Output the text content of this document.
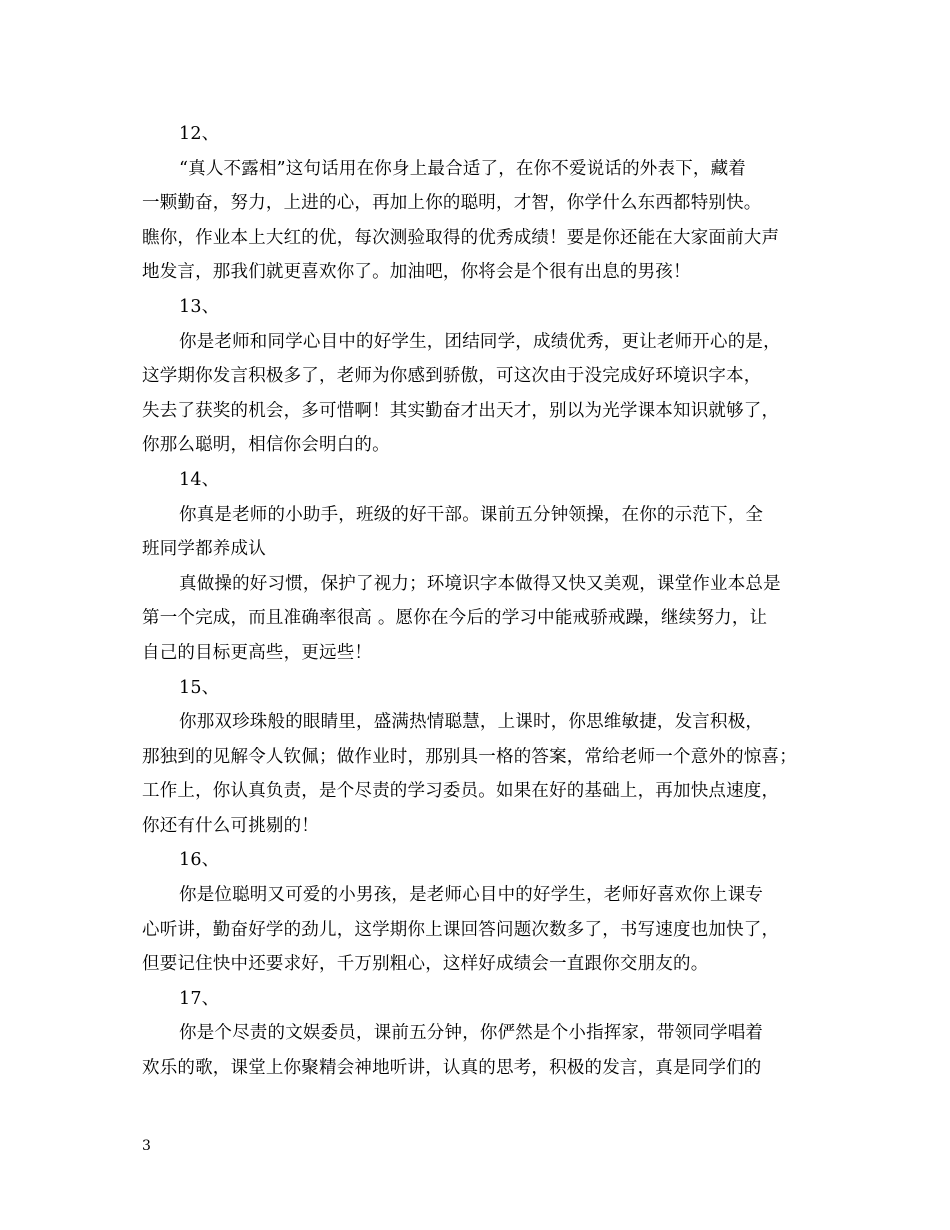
12、
“真人不露相”这句话用在你身上最合适了，在你不爱说话的外表下，藏着
一颗勤奋，努力，上进的心，再加上你的聪明，才智，你学什么东西都特别快。
瞧你，作业本上大红的优，每次测验取得的优秀成绩！要是你还能在大家面前大声
地发言，那我们就更喜欢你了。加油吧，你将会是个很有出息的男孩！
13、
你是老师和同学心目中的好学生，团结同学，成绩优秀，更让老师开心的是，
这学期你发言积极多了，老师为你感到骄傲，可这次由于没完成好环境识字本，
失去了获奖的机会，多可惜啊！其实勤奋才出天才，别以为光学课本知识就够了，
你那么聪明，相信你会明白的。
14、
你真是老师的小助手，班级的好干部。课前五分钟领操，在你的示范下，全
班同学都养成认
真做操的好习惯，保护了视力；环境识字本做得又快又美观，课堂作业本总是
第一个完成，而且准确率很高 。愿你在今后的学习中能戒骄戒躁，继续努力，让
自己的目标更高些，更远些！
15、
你那双珍珠般的眼睛里，盛满热情聪慧，上课时，你思维敏捷，发言积极，
那独到的见解令人钦佩；做作业时，那别具一格的答案，常给老师一个意外的惊喜；
工作上，你认真负责，是个尽责的学习委员。如果在好的基础上，再加快点速度，
你还有什么可挑剔的！
16、
你是位聪明又可爱的小男孩，是老师心目中的好学生，老师好喜欢你上课专
心听讲，勤奋好学的劲儿，这学期你上课回答问题次数多了，书写速度也加快了，
但要记住快中还要求好，千万别粗心，这样好成绩会一直跟你交朋友的。
17、
你是个尽责的文娱委员，课前五分钟，你俨然是个小指挥家，带领同学唱着
欢乐的歌，课堂上你聚精会神地听讲，认真的思考，积极的发言，真是同学们的
3
